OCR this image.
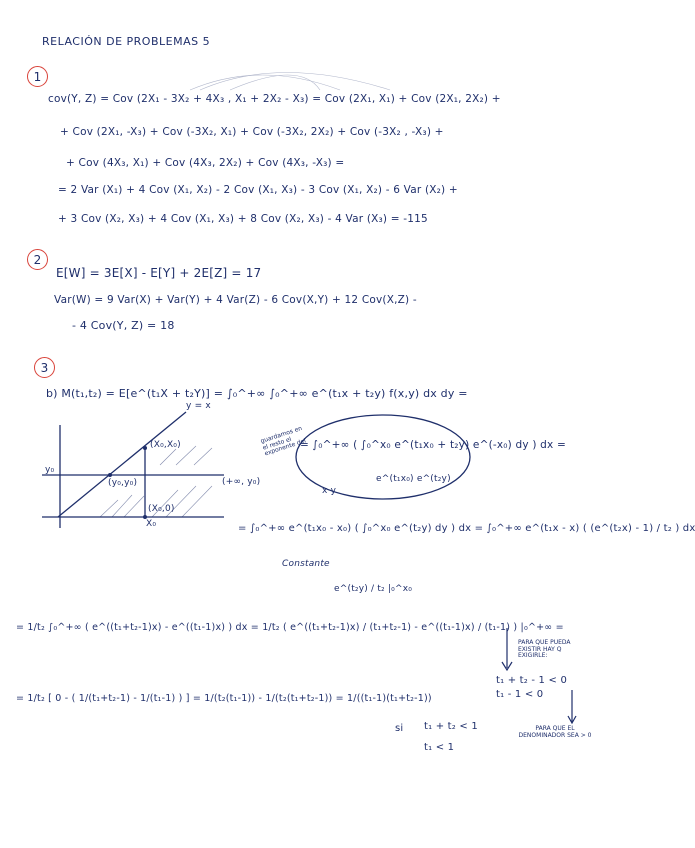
RELACIÓN DE PROBLEMAS 5
1
cov(Y, Z) = Cov (2X₁ - 3X₂ + 4X₃ , X₁ + 2X₂ - X₃) = Cov (2X₁, X₁) + Cov (2X₁, 2X₂) +
+ Cov (2X₁, -X₃) + Cov (-3X₂, X₁) + Cov (-3X₂, 2X₂) + Cov (-3X₂ , -X₃) +
+ Cov (4X₃, X₁) + Cov (4X₃, 2X₂) + Cov (4X₃, -X₃) =
= 2 Var (X₁) + 4 Cov (X₁, X₂) - 2 Cov (X₁, X₃) - 3 Cov (X₁, X₂) - 6 Var (X₂) +
+ 3 Cov (X₂, X₃) + 4 Cov (X₁, X₃) + 8 Cov (X₂, X₃) - 4 Var (X₃) = -115
2
E[W] = 3E[X] - E[Y] + 2E[Z] = 17
Var(W) = 9 Var(X) + Var(Y) + 4 Var(Z) - 6 Cov(X,Y) + 12 Cov(X,Z) -
- 4 Cov(Y, Z) = 18
3
b) M(t₁,t₂) = E[e^(t₁X + t₂Y)] = ∫₀^+∞ ∫₀^+∞ e^(t₁x + t₂y) f(x,y) dx dy =
y = x
(X₀,X₀)
(y₀,y₀)
(X₀,0)
y₀
X₀
(+∞, y₀)
guardamos en el resto el exponente del
= ∫₀^+∞ ( ∫₀^x₀ e^(t₁x₀ + t₂y) e^(-x₀) dy ) dx =
e^(t₁x₀) e^(t₂y)
x y
= ∫₀^+∞ e^(t₁x₀ - x₀) ( ∫₀^x₀ e^(t₂y) dy ) dx = ∫₀^+∞ e^(t₁x - x) ( (e^(t₂x) - 1) / t₂ ) dx
Constante
e^(t₂y) / t₂ |₀^x₀
= 1/t₂ ∫₀^+∞ ( e^((t₁+t₂-1)x) - e^((t₁-1)x) ) dx = 1/t₂ ( e^((t₁+t₂-1)x) / (t₁+t₂-1) - e^((t₁-1)x) / (t₁-1) ) |₀^+∞ =
= 1/t₂ [ 0 - ( 1/(t₁+t₂-1) - 1/(t₁-1) ) ] = 1/(t₂(t₁-1)) - 1/(t₂(t₁+t₂-1)) = 1/((t₁-1)(t₁+t₂-1))
PARA QUE PUEDA EXISTIR HAY Q EXIGIRLE:
t₁ + t₂ - 1 < 0
t₁ - 1 < 0
si t₁ + t₂ < 1
t₁ < 1
PARA QUE EL DENOMINADOR SEA > 0
